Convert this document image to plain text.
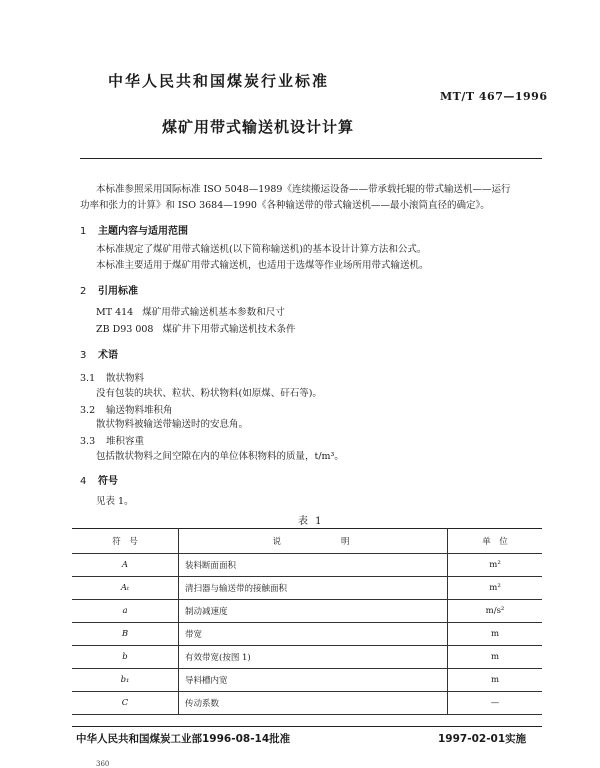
中华人民共和国煤炭行业标准
MT/T 467—1996
煤矿用带式输送机设计计算
本标准参照采用国际标准 ISO 5048—1989《连续搬运设备——带承载托辊的带式输送机——运行
功率和张力的计算》和 ISO 3684—1990《各种输送带的带式输送机——最小滚筒直径的确定》。
1 主题内容与适用范围
本标准规定了煤矿用带式输送机(以下简称输送机)的基本设计计算方法和公式。
本标准主要适用于煤矿用带式输送机，也适用于选煤等作业场所用带式输送机。
2 引用标准
MT 414   煤矿用带式输送机基本参数和尺寸
ZB D93 008   煤矿井下用带式输送机技术条件
3 术语
3.1 散状物料
没有包装的块状、粒状、粉状物料(如原煤、矸石等)。
3.2 输送物料堆积角
散状物料被输送带输送时的安息角。
3.3 堆积容重
包括散状物料之间空隙在内的单位体积物料的质量，t/m³。
4 符号
见表 1。
表 1
符　号	说明	单　位
A	装料断面面积	m²
Aₜ	清扫器与输送带的接触面积	m²
a	制动减速度	m/s²
B	带宽	m
b	有效带宽(按图 1)	m
b₁	导料槽内宽	m
C	传动系数	—
中华人民共和国煤炭工业部1996-08-14批准	1997-02-01实施
360
